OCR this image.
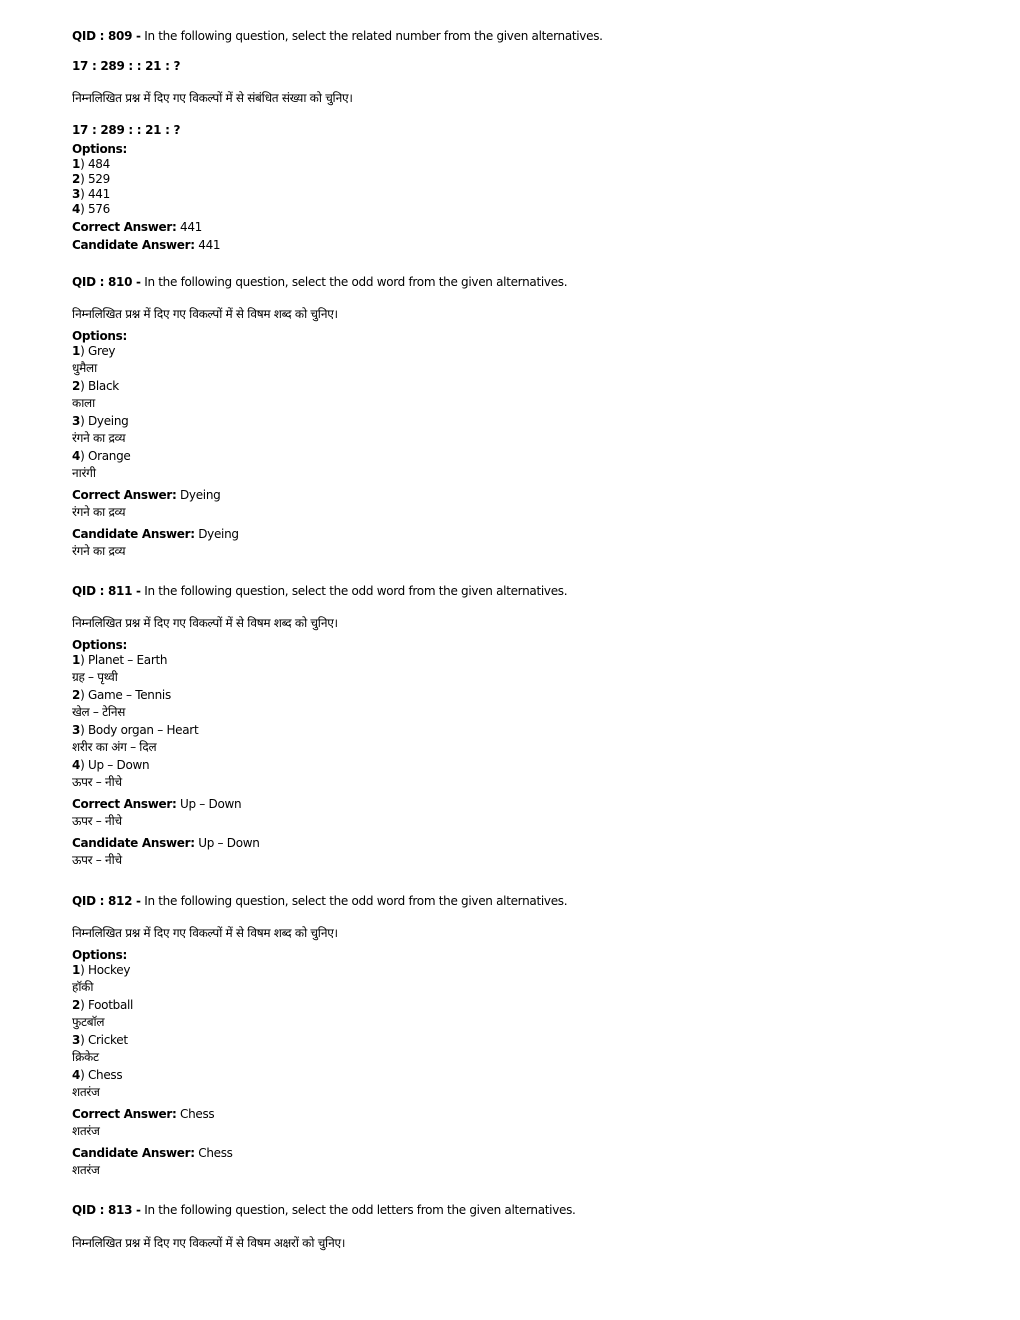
QID : 809 - In the following question, select the related number from the given alternatives.
17 : 289 : : 21 : ?
निम्नलिखित प्रश्न में दिए गए विकल्पों में से संबंधित संख्या को चुनिए।
17 : 289 : : 21 : ?
Options:
1) 484
2) 529
3) 441
4) 576
Correct Answer: 441
Candidate Answer: 441
QID : 810 - In the following question, select the odd word from the given alternatives.
निम्नलिखित प्रश्न में दिए गए विकल्पों में से विषम शब्द को चुनिए।
Options:
1) Grey
धुमैला
2) Black
काला
3) Dyeing
रंगने का द्रव्य
4) Orange
नारंगी
Correct Answer: Dyeing
रंगने का द्रव्य
Candidate Answer: Dyeing
रंगने का द्रव्य
QID : 811 - In the following question, select the odd word from the given alternatives.
निम्नलिखित प्रश्न में दिए गए विकल्पों में से विषम शब्द को चुनिए।
Options:
1) Planet – Earth
ग्रह – पृथ्वी
2) Game – Tennis
खेल – टेनिस
3) Body organ – Heart
शरीर का अंग – दिल
4) Up – Down
ऊपर – नीचे
Correct Answer: Up – Down
ऊपर – नीचे
Candidate Answer: Up – Down
ऊपर – नीचे
QID : 812 - In the following question, select the odd word from the given alternatives.
निम्नलिखित प्रश्न में दिए गए विकल्पों में से विषम शब्द को चुनिए।
Options:
1) Hockey
हॉकी
2) Football
फुटबॉल
3) Cricket
क्रिकेट
4) Chess
शतरंज
Correct Answer: Chess
शतरंज
Candidate Answer: Chess
शतरंज
QID : 813 - In the following question, select the odd letters from the given alternatives.
निम्नलिखित प्रश्न में दिए गए विकल्पों में से विषम अक्षरों को चुनिए।
